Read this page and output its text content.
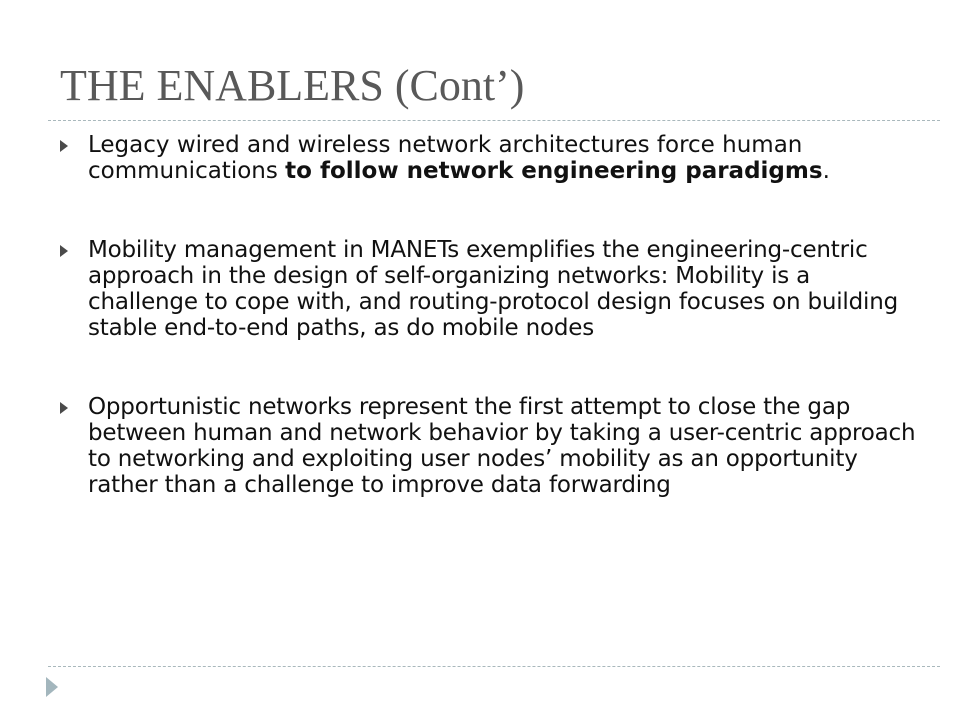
THE ENABLERS (Cont’)
Legacy wired and wireless network architectures force human communications to follow network engineering paradigms.
Mobility management in MANETs exemplifies the engineering-centric approach in the design of self-organizing networks: Mobility is a challenge to cope with, and routing-protocol design focuses on building stable end-to-end paths, as do mobile nodes
Opportunistic networks represent the first attempt to close the gap between human and network behavior by taking a user-centric approach to networking and exploiting user nodes’ mobility as an opportunity rather than a challenge to improve data forwarding
